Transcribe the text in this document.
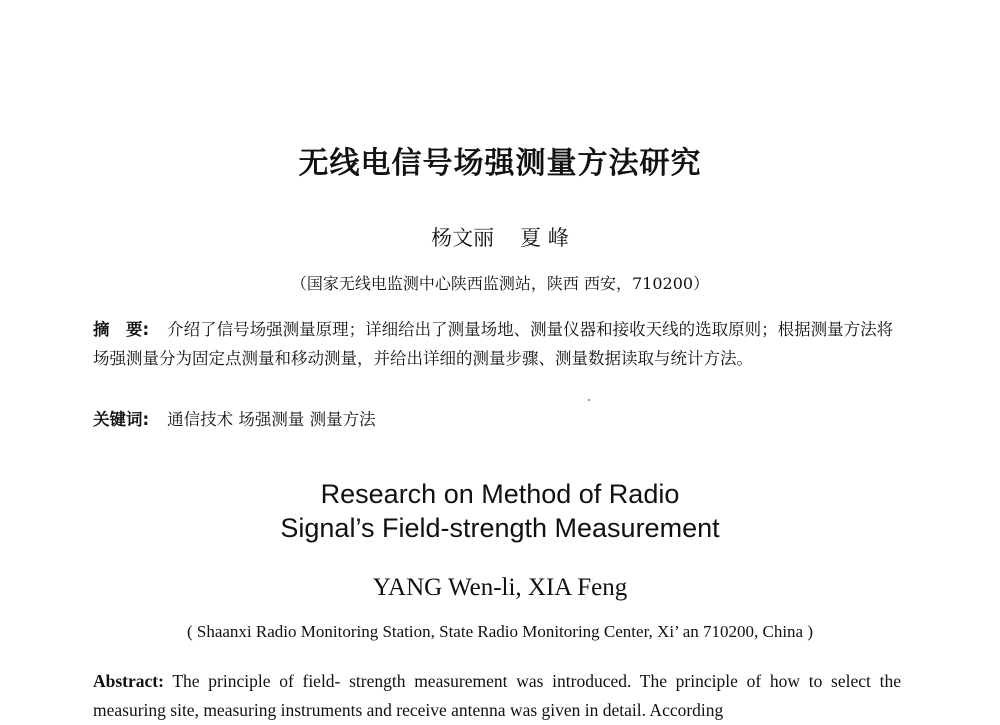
无线电信号场强测量方法研究
杨文丽 夏 峰
（国家无线电监测中心陕西监测站，陕西 西安，710200）
摘　要: 介绍了信号场强测量原理；详细给出了测量场地、测量仪器和接收天线的选取原则；根据测量方法将场强测量分为固定点测量和移动测量，并给出详细的测量步骤、测量数据读取与统计方法。
关键词: 通信技术 场强测量 测量方法
Research on Method of Radio
Signal’s Field-strength Measurement
YANG Wen-li, XIA Feng
( Shaanxi Radio Monitoring Station, State Radio Monitoring Center, Xi’ an 710200, China )
Abstract: The principle of field- strength measurement was introduced. The principle of how to select the measuring site, measuring instruments and receive antenna was given in detail. According
